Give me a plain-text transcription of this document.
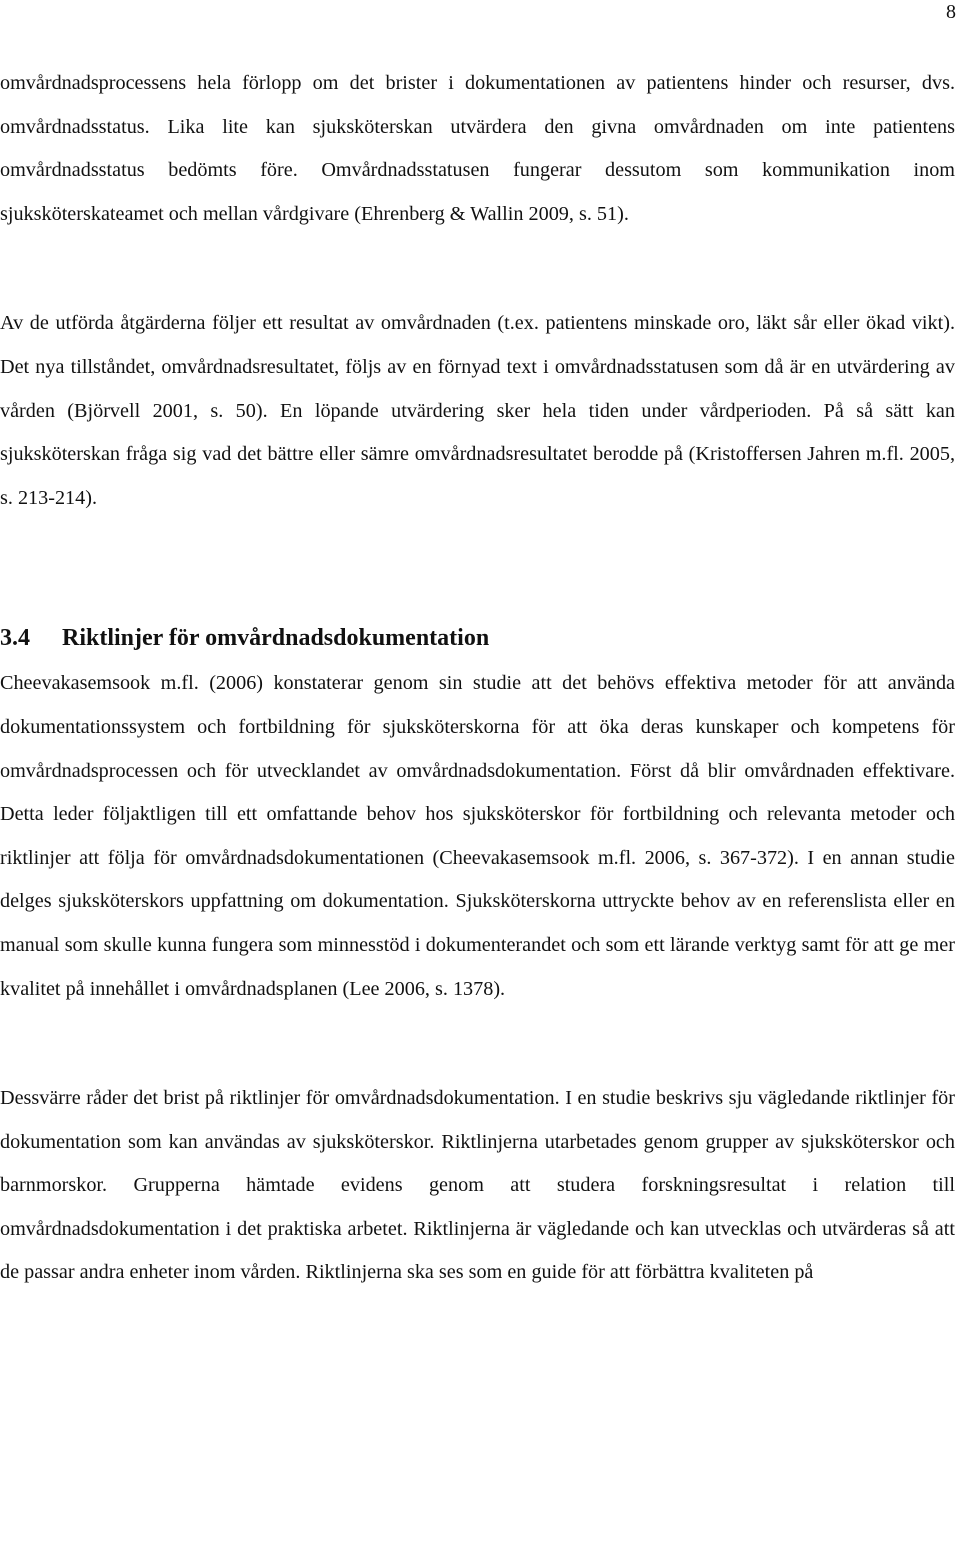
8

omvårdnadsprocessens hela förlopp om det brister i dokumentationen av patientens hinder och resurser, dvs. omvårdnadsstatus. Lika lite kan sjuksköterskan utvärdera den givna omvårdnaden om inte patientens omvårdnadsstatus bedömts före. Omvårdnadsstatusen fungerar dessutom som kommunikation inom sjuksköterskateamet och mellan vårdgivare (Ehrenberg & Wallin 2009, s. 51).

Av de utförda åtgärderna följer ett resultat av omvårdnaden (t.ex. patientens minskade oro, läkt sår eller ökad vikt). Det nya tillståndet, omvårdnadsresultatet, följs av en förnyad text i omvårdnadsstatusen som då är en utvärdering av vården (Björvell 2001, s. 50). En löpande utvärdering sker hela tiden under vårdperioden. På så sätt kan sjuksköterskan fråga sig vad det bättre eller sämre omvårdnadsresultatet berodde på (Kristoffersen Jahren m.fl. 2005, s. 213-214).

3.4 Riktlinjer för omvårdnadsdokumentation

Cheevakasemsook m.fl. (2006) konstaterar genom sin studie att det behövs effektiva metoder för att använda dokumentationssystem och fortbildning för sjuksköterskorna för att öka deras kunskaper och kompetens för omvårdnadsprocessen och för utvecklandet av omvårdnadsdokumentation. Först då blir omvårdnaden effektivare. Detta leder följaktligen till ett omfattande behov hos sjuksköterskor för fortbildning och relevanta metoder och riktlinjer att följa för omvårdnadsdokumentationen (Cheevakasemsook m.fl. 2006, s. 367-372). I en annan studie delges sjuksköterskors uppfattning om dokumentation. Sjuksköterskorna uttryckte behov av en referenslista eller en manual som skulle kunna fungera som minnesstöd i dokumenterandet och som ett lärande verktyg samt för att ge mer kvalitet på innehållet i omvårdnadsplanen (Lee 2006, s. 1378).

Dessvärre råder det brist på riktlinjer för omvårdnadsdokumentation. I en studie beskrivs sju vägledande riktlinjer för dokumentation som kan användas av sjuksköterskor. Riktlinjerna utarbetades genom grupper av sjuksköterskor och barnmorskor. Grupperna hämtade evidens genom att studera forskningsresultat i relation till omvårdnadsdokumentation i det praktiska arbetet. Riktlinjerna är vägledande och kan utvecklas och utvärderas så att de passar andra enheter inom vården. Riktlinjerna ska ses som en guide för att förbättra kvaliteten på
